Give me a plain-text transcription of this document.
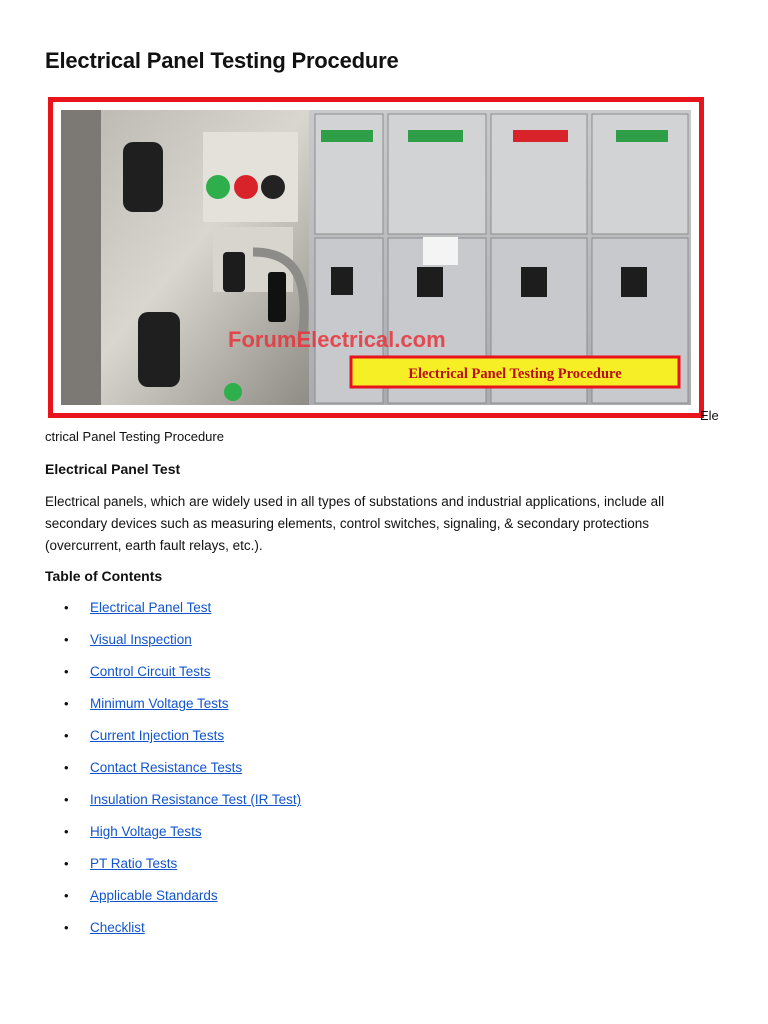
Electrical Panel Testing Procedure
ForumElectrical.com
Electrical Panel Testing Procedure
Ele
ctrical Panel Testing Procedure
Electrical Panel Test

Electrical panels, which are widely used in all types of substations and industrial applications, include all secondary devices such as measuring elements, control switches, signaling, & secondary protections (overcurrent, earth fault relays, etc.).

Table of Contents
• Electrical Panel Test
• Visual Inspection
• Control Circuit Tests
• Minimum Voltage Tests
• Current Injection Tests
• Contact Resistance Tests
• Insulation Resistance Test (IR Test)
• High Voltage Tests
• PT Ratio Tests
• Applicable Standards
• Checklist
